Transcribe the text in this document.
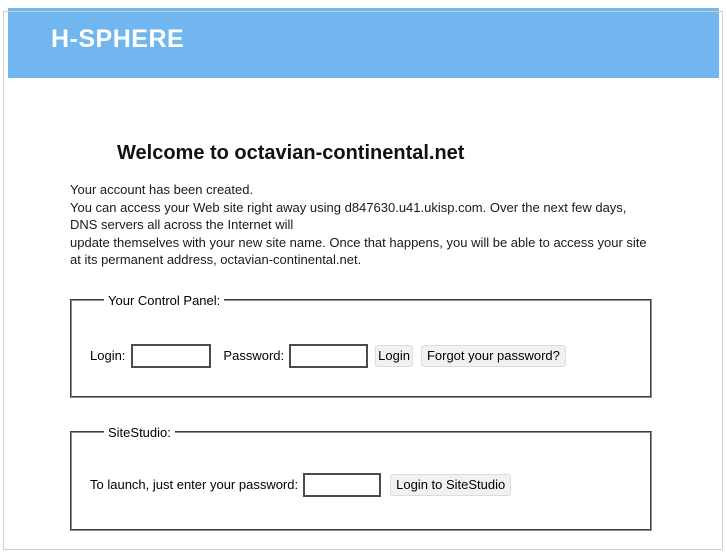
H-SPHERE
Welcome to octavian-continental.net

Your account has been created.
You can access your Web site right away using d847630.u41.ukisp.com. Over the next few days,
DNS servers all across the Internet will
update themselves with your new site name. Once that happens, you will be able to access your site
at its permanent address, octavian-continental.net.

Your Control Panel:
Login:	Password:	Login	Forgot your password?
SiteStudio:
To launch, just enter your password:	Login to SiteStudio
